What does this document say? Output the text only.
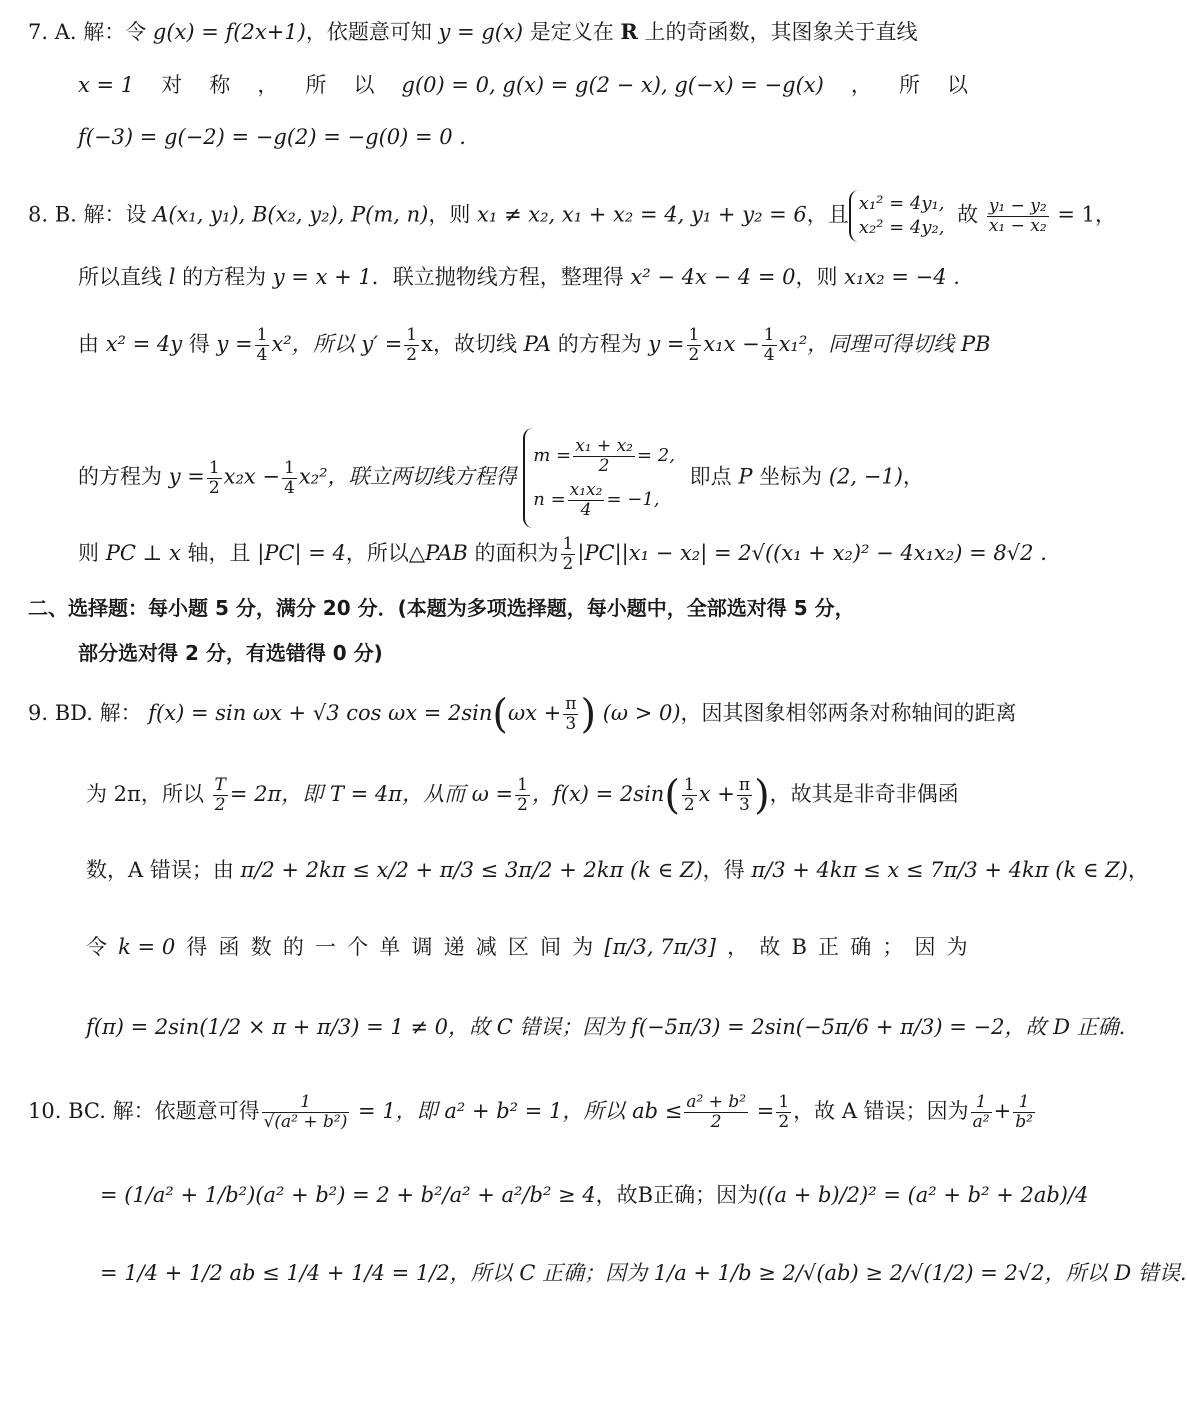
7. A. 解：令 g(x) = f(2x+1)，依题意可知 y = g(x) 是定义在 R 上的奇函数，其图象关于直线
x = 1 对 称 ， 所 以 g(0) = 0, g(x) = g(2 − x), g(−x) = −g(x) ， 所 以
f(−3) = g(−2) = −g(2) = −g(0) = 0 .
8. B. 解：设 A(x₁, y₁), B(x₂, y₂), P(m, n)，则 x₁ ≠ x₂, x₁ + x₂ = 4, y₁ + y₂ = 6，且 x₁² = 4y₁,
x₂² = 4y₂,
故 $\frac{\text{y₁ − y₂}}{\text{x₁ − x₂}} = 1$，
所以直线 l 的方程为 y = x + 1．联立抛物线方程，整理得 x² − 4x − 4 = 0，则 x₁x₂ = −4 .
由 x² = 4y 得 $y = \frac{1}{4} x^2$，所以 $y' = \frac{1}{2}$ x，故切线 PA 的方程为 $y = \frac{1}{2} x_1x - \frac{1}{4} x_1^2$，同理可得切线 PB
的方程为 $y = \frac{1}{2} x_2x - \frac{1}{4} x_2^2$，联立两切线方程得
$m = \frac{\text{x₁ + x₂}}{2} = 2$,
$n = \frac{\text{x₁x₂}}{4} = -1$,
即点 P 坐标为 (2, −1)，
则 PC ⊥ x 轴，且 |PC| = 4，所以△PAB 的面积为 $\frac{1}{2} |PC||x_1 - x_2| = 2√((x_1 + x_2)^2 - 4x_1x_2) = 8√2$ .
二、选择题：每小题 5 分，满分 20 分．(本题为多项选择题，每小题中，全部选对得 5 分，
部分选对得 2 分，有选错得 0 分)
9. BD. 解： f(x) = sin ωx + √3 $\cos \omega x = 2\sin(\omega x + \frac{\pi}{3}$ ) (ω > 0)，因其图象相邻两条对称轴间的距离
为 2π，所以 $\frac{T}{2} = 2\pi$，即 T = 4π，从而 $\omega = \frac{1}{2}$ ，$f(x) = 2\sin( \frac{1}{2}$ $x + \frac{\pi}{3}$ )，故其是非奇非偶函
数，A 错误；由 π/2 + 2kπ ≤ x/2 + π/3 ≤ 3π/2 + 2kπ (k ∈ Z)，得 π/3 + 4kπ ≤ x ≤ 7π/3 + 4kπ (k ∈ Z)，
令 k = 0 得 函 数 的 一 个 单 调 递 减 区 间 为 [π/3, 7π/3] ， 故 B 正 确 ； 因 为
f(π) = 2sin(1/2 × π + π/3) = 1 ≠ 0，故 C 错误；因为 f(−5π/3) = 2sin(−5π/6 + π/3) = −2，故 D 正确.
10. BC. 解：依题意可得 $\frac{1}{\text{√(a² + b²)}} = 1$，即 a² + b² = 1，所以 ab ≤ $\frac{\text{a² + b²}}{2} = \frac{1}{2}$ ，故 A 错误；因为 $\frac{1}{\text{a²}} + \frac{1}{\text{b²}}$
= (1/a² + 1/b²)(a² + b²) = 2 + b²/a² + a²/b² ≥ 4 ， 故 B 正 确 ； 因 为 ((a + b)/2)² = (a² + b² + 2ab)/4
= 1/4 + 1/2 ab ≤ 1/4 + 1/4 = 1/2，所以 C 正确；因为 1/a + 1/b ≥ 2/√(ab) ≥ 2/√(1/2) = 2√2，所以 D 错误.
